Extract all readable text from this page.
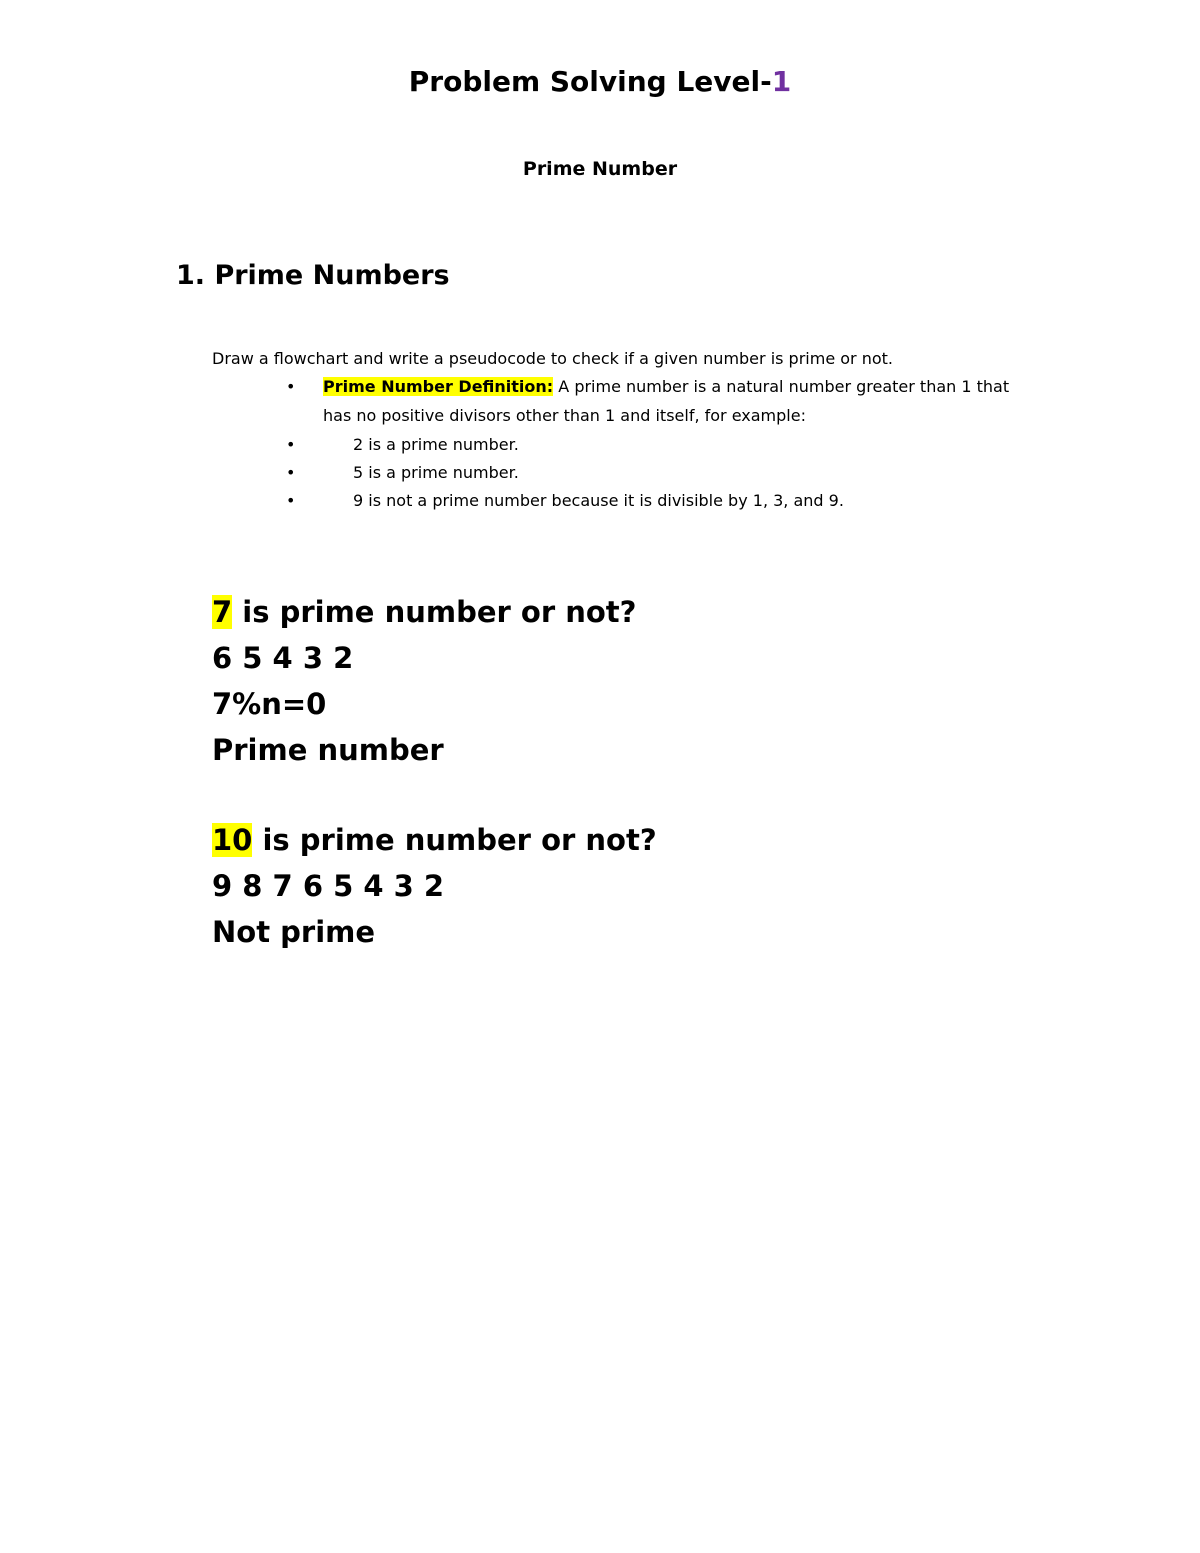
Problem Solving Level-1
Prime Number
1. Prime Numbers
Draw a flowchart and write a pseudocode to check if a given number is prime or not.
• Prime Number Definition: A prime number is a natural number greater than 1 that
has no positive divisors other than 1 and itself, for example:
•	2 is a prime number.
•	5 is a prime number.
•	9 is not a prime number because it is divisible by 1, 3, and 9.
7 is prime number or not?
6 5 4 3 2
7%n=0
Prime number
10 is prime number or not?
9 8 7 6 5 4 3 2
Not prime
